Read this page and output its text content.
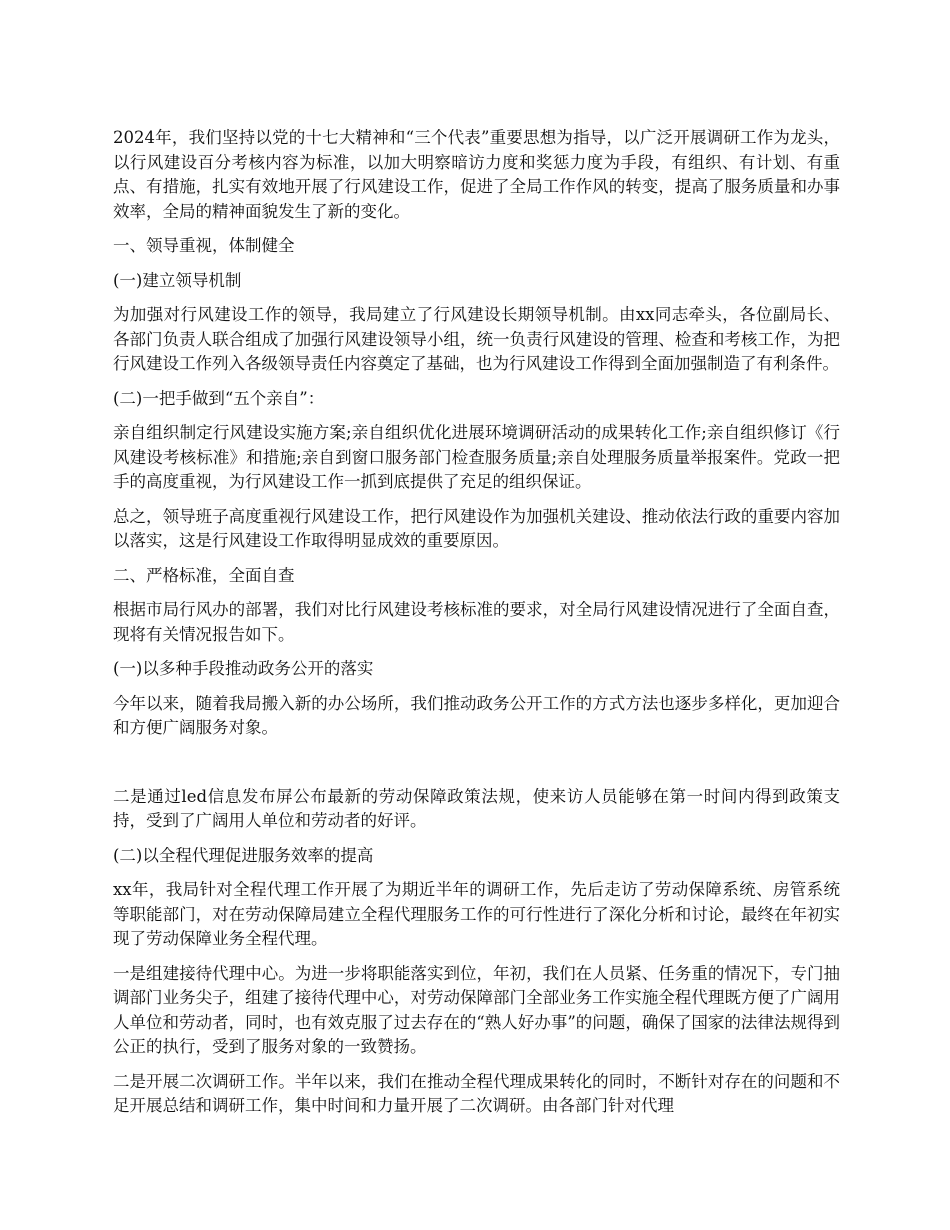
2024年，我们坚持以党的十七大精神和“三个代表”重要思想为指导，以广泛开展调研工作为龙头，以行风建设百分考核内容为标准，以加大明察暗访力度和奖惩力度为手段，有组织、有计划、有重点、有措施，扎实有效地开展了行风建设工作，促进了全局工作作风的转变，提高了服务质量和办事效率，全局的精神面貌发生了新的变化。

一、领导重视，体制健全

(一)建立领导机制

为加强对行风建设工作的领导，我局建立了行风建设长期领导机制。由xx同志牵头，各位副局长、各部门负责人联合组成了加强行风建设领导小组，统一负责行风建设的管理、检查和考核工作，为把行风建设工作列入各级领导责任内容奠定了基础，也为行风建设工作得到全面加强制造了有利条件。

(二)一把手做到“五个亲自”：

亲自组织制定行风建设实施方案;亲自组织优化进展环境调研活动的成果转化工作;亲自组织修订《行风建设考核标准》和措施;亲自到窗口服务部门检查服务质量;亲自处理服务质量举报案件。党政一把手的高度重视，为行风建设工作一抓到底提供了充足的组织保证。

总之，领导班子高度重视行风建设工作，把行风建设作为加强机关建设、推动依法行政的重要内容加以落实，这是行风建设工作取得明显成效的重要原因。

二、严格标准，全面自查

根据市局行风办的部署，我们对比行风建设考核标准的要求，对全局行风建设情况进行了全面自查，现将有关情况报告如下。

(一)以多种手段推动政务公开的落实

今年以来，随着我局搬入新的办公场所，我们推动政务公开工作的方式方法也逐步多样化，更加迎合和方便广阔服务对象。

二是通过led信息发布屏公布最新的劳动保障政策法规，使来访人员能够在第一时间内得到政策支持，受到了广阔用人单位和劳动者的好评。

(二)以全程代理促进服务效率的提高

xx年，我局针对全程代理工作开展了为期近半年的调研工作，先后走访了劳动保障系统、房管系统等职能部门，对在劳动保障局建立全程代理服务工作的可行性进行了深化分析和讨论，最终在年初实现了劳动保障业务全程代理。

一是组建接待代理中心。为进一步将职能落实到位，年初，我们在人员紧、任务重的情况下，专门抽调部门业务尖子，组建了接待代理中心，对劳动保障部门全部业务工作实施全程代理既方便了广阔用人单位和劳动者，同时，也有效克服了过去存在的“熟人好办事”的问题，确保了国家的法律法规得到公正的执行，受到了服务对象的一致赞扬。

二是开展二次调研工作。半年以来，我们在推动全程代理成果转化的同时，不断针对存在的问题和不足开展总结和调研工作，集中时间和力量开展了二次调研。由各部门针对代理
